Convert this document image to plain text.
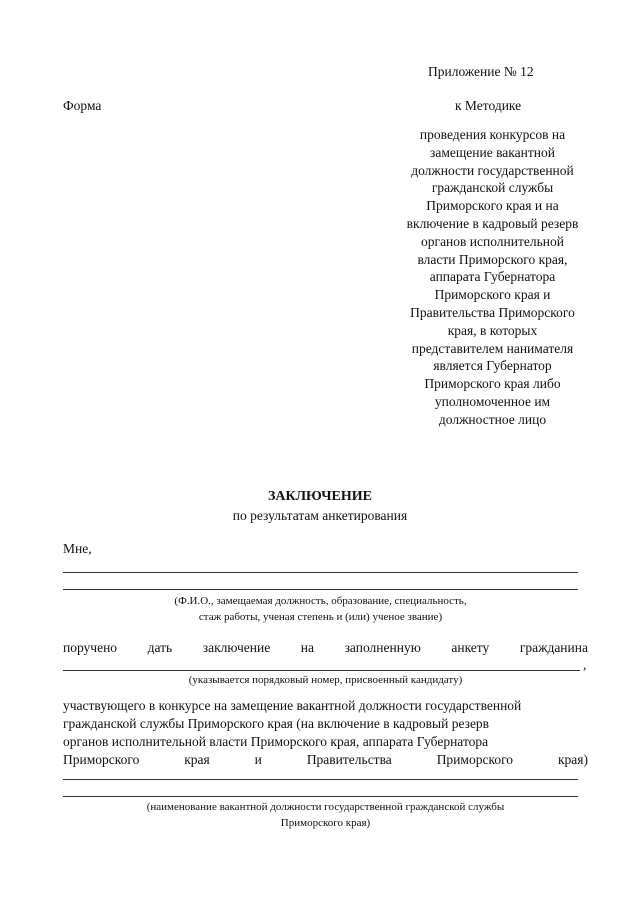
Приложение № 12
Форма	к Методике
проведения конкурсов на
замещение вакантной
должности государственной
гражданской службы
Приморского края и на
включение в кадровый резерв
органов исполнительной
власти Приморского края,
аппарата Губернатора
Приморского края и
Правительства Приморского
края, в которых
представителем нанимателя
является Губернатор
Приморского края либо
уполномоченное им
должностное лицо
ЗАКЛЮЧЕНИЕ
по результатам анкетирования
Мне,
(Ф.И.О., замещаемая должность, образование, специальность,
стаж работы, ученая степень и (или) ученое звание)
поручено дать заключение на заполненную анкету гражданина
,
(указывается порядковый номер, присвоенный кандидату)
участвующего в конкурсе на замещение вакантной должности государственной
гражданской службы Приморского края (на включение в кадровый резерв
органов исполнительной власти Приморского края, аппарата Губернатора
Приморского	края	и	Правительства	Приморского	края)
(наименование вакантной должности государственной гражданской службы
Приморского края)
